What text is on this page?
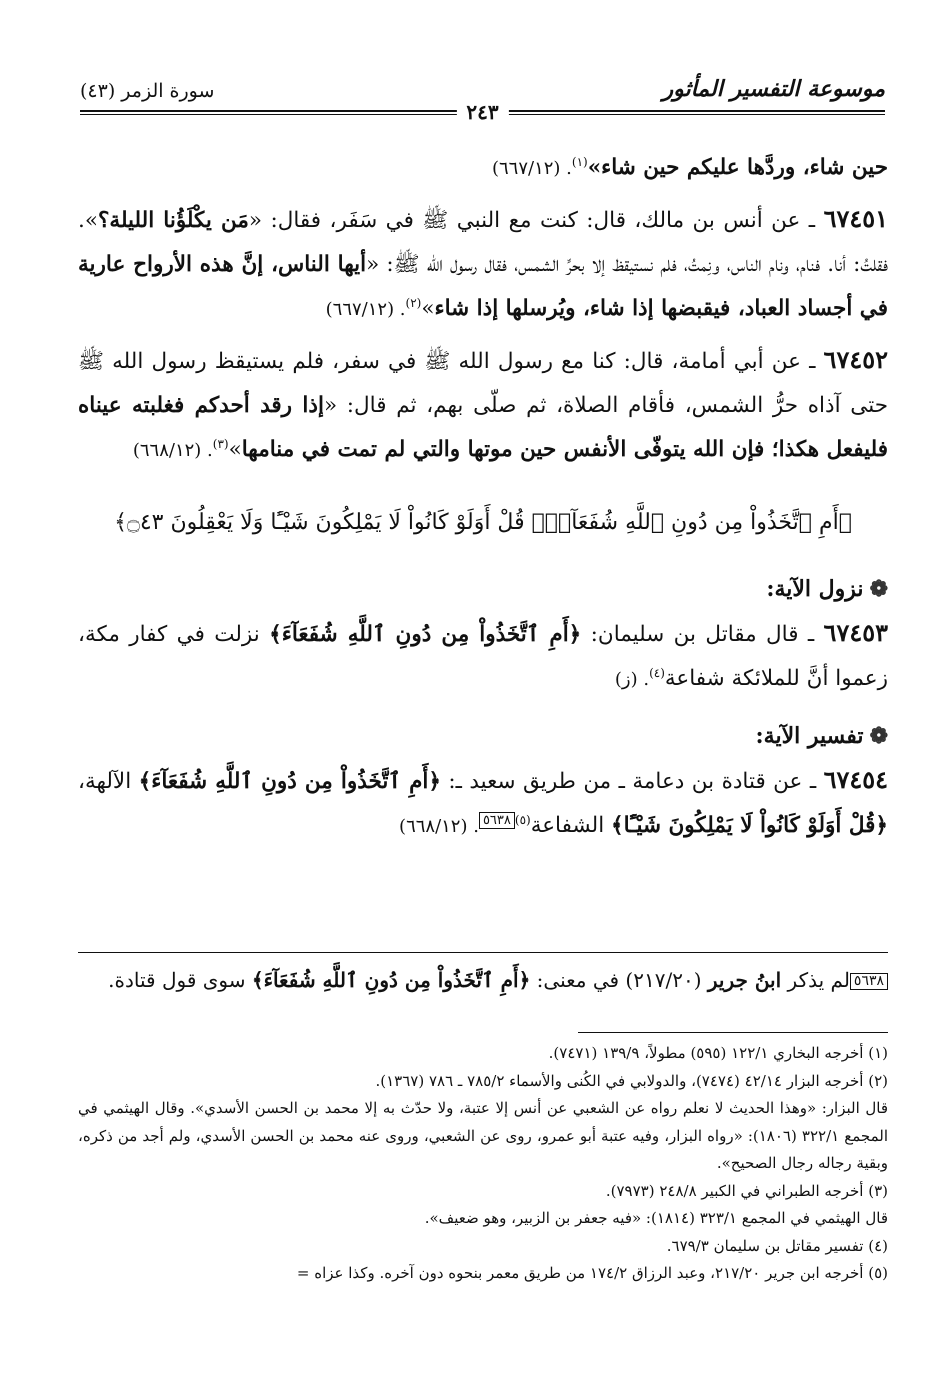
موسوعة التفسير المأثور
٢٤٣
سورة الزمر (٤٣)

حين شاء، وردَّها عليكم حين شاء»$^{(١)}$. (٦٦٧/١٢)

٦٧٤٥١ ـ عن أنس بن مالك، قال: كنت مع النبي ﷺ في سَفَر، فقال: «مَن يكْلَؤُنا الليلة؟». فقلتُ: أنا. فنام، ونام الناس، ونِمتُ، فلم نستيقظ إلا بحرِّ الشمس، فقال رسول الله ﷺ: «أيها الناس، إنَّ هذه الأرواح عارية في أجساد العباد، فيقبضها إذا شاء، ويُرسلها إذا شاء»$^{(٢)}$. (٦٦٧/١٢)

٦٧٤٥٢ ـ عن أبي أمامة، قال: كنا مع رسول الله ﷺ في سفر، فلم يستيقظ رسول الله ﷺ حتى آذاه حرُّ الشمس، فأقام الصلاة، ثم صلّى بهم، ثم قال: «إذا رقد أحدكم فغلبته عيناه فليفعل هكذا؛ فإن الله يتوفّى الأنفس حين موتها والتي لم تمت في منامها»$^{(٣)}$. (٦٦٨/١٢)

﴿أَمِ ٱتَّخَذُواْ مِن دُونِ ٱللَّهِ شُفَعَآءَۚ قُلْ أَوَلَوْ كَانُواْ لَا يَمْلِكُونَ شَيْـًٔا وَلَا يَعْقِلُونَ ۝٤٣﴾

❁نزول الآية:

٦٧٤٥٣ ـ قال مقاتل بن سليمان: ﴿أَمِ ٱتَّخَذُواْ مِن دُونِ ٱللَّهِ شُفَعَآءَ﴾ نزلت في كفار مكة، زعموا أنَّ للملائكة شفاعة$^{(٤)}$. (ز)

❁تفسير الآية:

٦٧٤٥٤ ـ عن قتادة بن دعامة ـ من طريق سعيد ـ: ﴿أَمِ ٱتَّخَذُواْ مِن دُونِ ٱللَّهِ شُفَعَآءَ﴾ الآلهة، ﴿قُلْ أَوَلَوْ كَانُواْ لَا يَمْلِكُونَ شَيْـًٔا﴾ الشفاعة$^{(٥)}$٥٦٣٨. (٦٦٨/١٢)

٥٦٣٨لم يذكر ابنُ جرير (٢١٧/٢٠) في معنى: ﴿أَمِ ٱتَّخَذُواْ مِن دُونِ ٱللَّهِ شُفَعَآءَ﴾ سوى قول قتادة.

(١) أخرجه البخاري ١٢٢/١ (٥٩٥) مطولاً، ١٣٩/٩ (٧٤٧١).

(٢) أخرجه البزار ٤٢/١٤ (٧٤٧٤)، والدولابي في الكُنى والأسماء ٧٨٥/٢ ـ ٧٨٦ (١٣٦٧).

قال البزار: «وهذا الحديث لا نعلم رواه عن الشعبي عن أنس إلا عتبة، ولا حدّث به إلا محمد بن الحسن الأسدي». وقال الهيثمي في المجمع ٣٢٢/١ (١٨٠٦): «رواه البزار، وفيه عتبة أبو عمرو، روى عن الشعبي، وروى عنه محمد بن الحسن الأسدي، ولم أجد من ذكره، وبقية رجاله رجال الصحيح».

(٣) أخرجه الطبراني في الكبير ٢٤٨/٨ (٧٩٧٣).

قال الهيثمي في المجمع ٣٢٣/١ (١٨١٤): «فيه جعفر بن الزبير، وهو ضعيف».

(٤) تفسير مقاتل بن سليمان ٦٧٩/٣.

(٥) أخرجه ابن جرير ٢١٧/٢٠، وعبد الرزاق ١٧٤/٢ من طريق معمر بنحوه دون آخره. وكذا عزاه =
